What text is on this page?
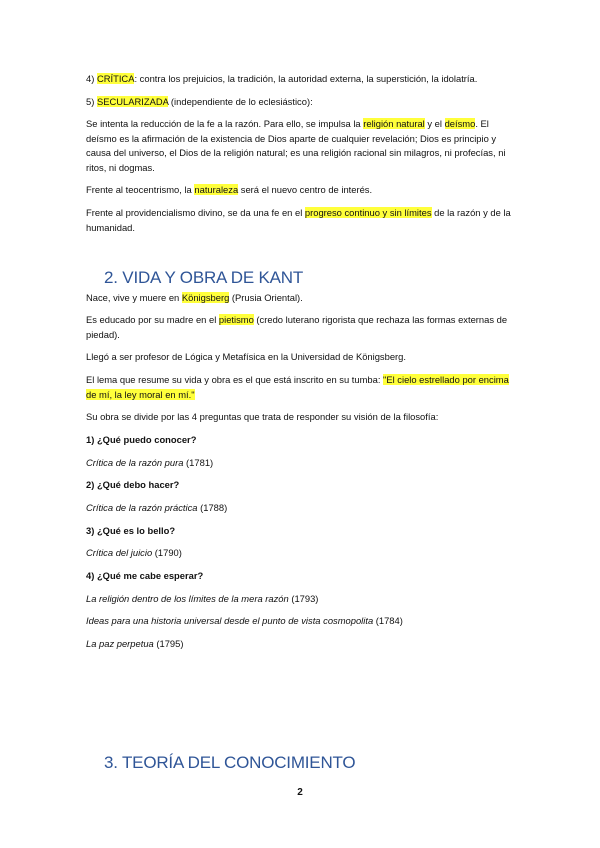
4) CRÍTICA: contra los prejuicios, la tradición, la autoridad externa, la superstición, la idolatría.

5) SECULARIZADA (independiente de lo eclesiástico):

Se intenta la reducción de la fe a la razón. Para ello, se impulsa la religión natural y el deísmo. El deísmo es la afirmación de la existencia de Dios aparte de cualquier revelación; Dios es principio y causa del universo, el Dios de la religión natural; es una religión racional sin milagros, ni profecías, ni ritos, ni dogmas.

Frente al teocentrismo, la naturaleza será el nuevo centro de interés.

Frente al providencialismo divino, se da una fe en el progreso continuo y sin límites de la razón y de la humanidad.

2. VIDA Y OBRA DE KANT

Nace, vive y muere en Königsberg (Prusia Oriental).

Es educado por su madre en el pietismo (credo luterano rigorista que rechaza las formas externas de piedad).

Llegó a ser profesor de Lógica y Metafísica en la Universidad de Königsberg.

El lema que resume su vida y obra es el que está inscrito en su tumba: "El cielo estrellado por encima de mí, la ley moral en mí."

Su obra se divide por las 4 preguntas que trata de responder su visión de la filosofía:

1) ¿Qué puedo conocer?

Crítica de la razón pura (1781)

2) ¿Qué debo hacer?

Crítica de la razón práctica (1788)

3) ¿Qué es lo bello?

Crítica del juicio (1790)

4) ¿Qué me cabe esperar?

La religión dentro de los límites de la mera razón (1793)

Ideas para una historia universal desde el punto de vista cosmopolita (1784)

La paz perpetua (1795)

3. TEORÍA DEL CONOCIMIENTO
2
